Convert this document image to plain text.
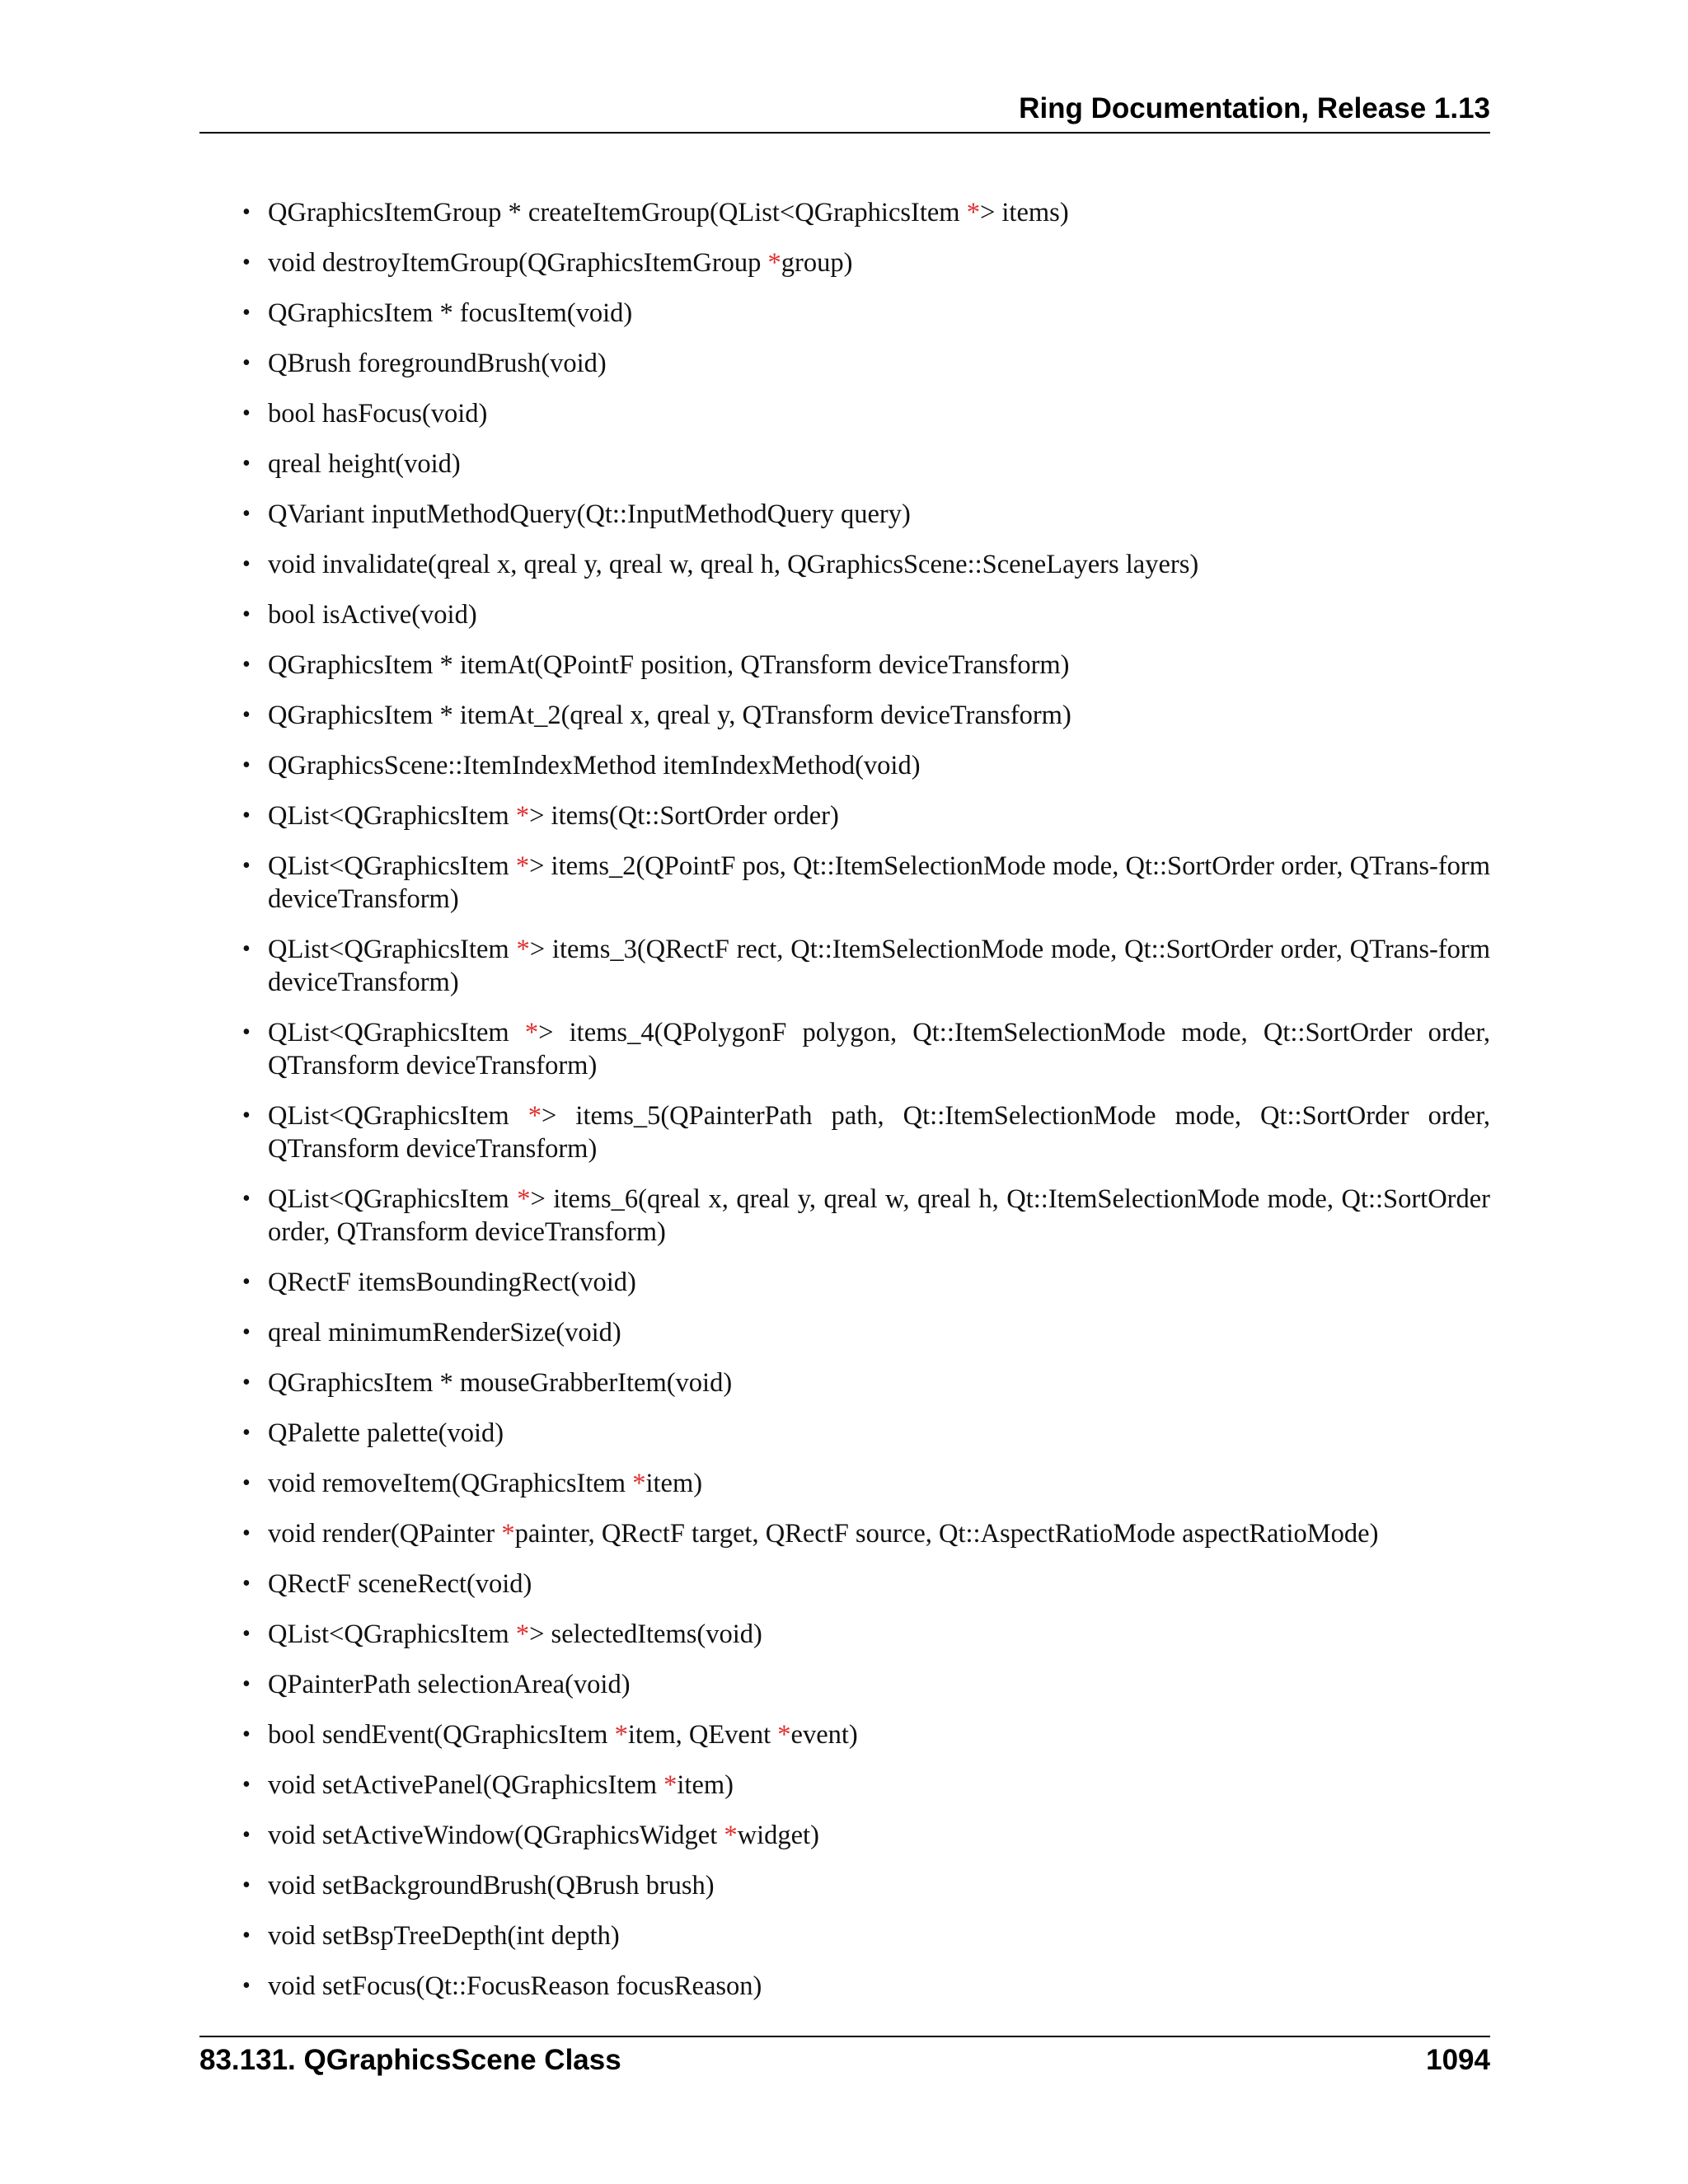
Ring Documentation, Release 1.13
• QGraphicsItemGroup * createItemGroup(QList<QGraphicsItem *> items)
• void destroyItemGroup(QGraphicsItemGroup *group)
• QGraphicsItem * focusItem(void)
• QBrush foregroundBrush(void)
• bool hasFocus(void)
• qreal height(void)
• QVariant inputMethodQuery(Qt::InputMethodQuery query)
• void invalidate(qreal x, qreal y, qreal w, qreal h, QGraphicsScene::SceneLayers layers)
• bool isActive(void)
• QGraphicsItem * itemAt(QPointF position, QTransform deviceTransform)
• QGraphicsItem * itemAt_2(qreal x, qreal y, QTransform deviceTransform)
• QGraphicsScene::ItemIndexMethod itemIndexMethod(void)
• QList<QGraphicsItem *> items(Qt::SortOrder order)
• QList<QGraphicsItem *> items_2(QPointF pos, Qt::ItemSelectionMode mode, Qt::SortOrder order, QTrans-form deviceTransform)
• QList<QGraphicsItem *> items_3(QRectF rect, Qt::ItemSelectionMode mode, Qt::SortOrder order, QTrans-form deviceTransform)
• QList<QGraphicsItem *> items_4(QPolygonF polygon, Qt::ItemSelectionMode mode, Qt::SortOrder order, QTransform deviceTransform)
• QList<QGraphicsItem *> items_5(QPainterPath path, Qt::ItemSelectionMode mode, Qt::SortOrder order, QTransform deviceTransform)
• QList<QGraphicsItem *> items_6(qreal x, qreal y, qreal w, qreal h, Qt::ItemSelectionMode mode, Qt::SortOrder order, QTransform deviceTransform)
• QRectF itemsBoundingRect(void)
• qreal minimumRenderSize(void)
• QGraphicsItem * mouseGrabberItem(void)
• QPalette palette(void)
• void removeItem(QGraphicsItem *item)
• void render(QPainter *painter, QRectF target, QRectF source, Qt::AspectRatioMode aspectRatioMode)
• QRectF sceneRect(void)
• QList<QGraphicsItem *> selectedItems(void)
• QPainterPath selectionArea(void)
• bool sendEvent(QGraphicsItem *item, QEvent *event)
• void setActivePanel(QGraphicsItem *item)
• void setActiveWindow(QGraphicsWidget *widget)
• void setBackgroundBrush(QBrush brush)
• void setBspTreeDepth(int depth)
• void setFocus(Qt::FocusReason focusReason)
83.131. QGraphicsScene Class	1094
